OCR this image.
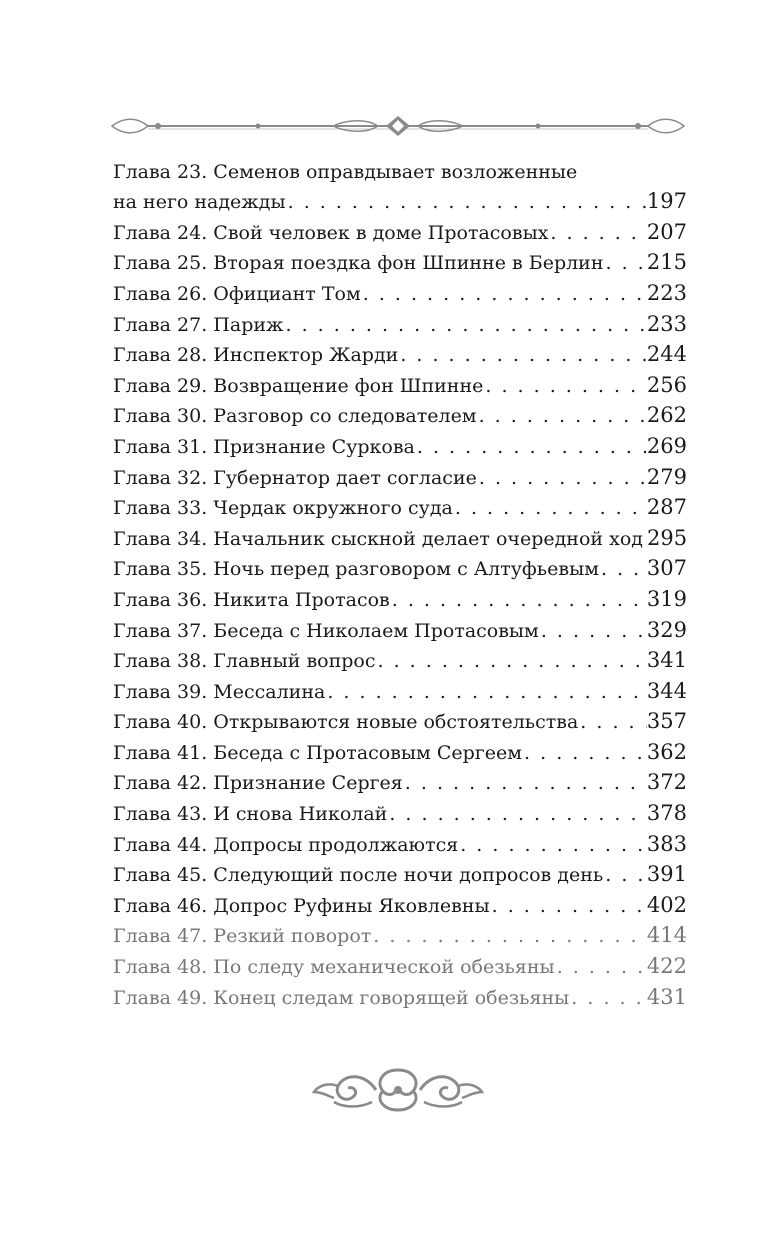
Глава 23. Семенов оправдывает возложенные
на него надежды . . .	197
Глава 24. Свой человек в доме Протасовых . . .	207
Глава 25. Вторая поездка фон Шпинне в Берлин . . . 215
Глава 26. Официант Том . . .	223
Глава 27. Париж . . .	233
Глава 28. Инспектор Жарди . . .	244
Глава 29. Возвращение фон Шпинне . . .	256
Глава 30. Разговор со следователем . . .	262
Глава 31. Признание Суркова . . .	269
Глава 32. Губернатор дает согласие . . .	279
Глава 33. Чердак окружного суда . . .	287
Глава 34. Начальник сыскной делает очередной ход . . . 295
Глава 35. Ночь перед разговором с Алтуфьевым . . . 307
Глава 36. Никита Протасов . . .	319
Глава 37. Беседа с Николаем Протасовым . . .	329
Глава 38. Главный вопрос . . .	341
Глава 39. Мессалина . . .	344
Глава 40. Открываются новые обстоятельства . . .	357
Глава 41. Беседа с Протасовым Сергеем . . .	362
Глава 42. Признание Сергея . . .	372
Глава 43. И снова Николай . . .	378
Глава 44. Допросы продолжаются . . .	383
Глава 45. Следующий после ночи допросов день . . . 391
Глава 46. Допрос Руфины Яковлевны . . .	402
Глава 47. Резкий поворот . . .	414
Глава 48. По следу механической обезьяны . . .	422
Глава 49. Конец следам говорящей обезьяны . . .	431
